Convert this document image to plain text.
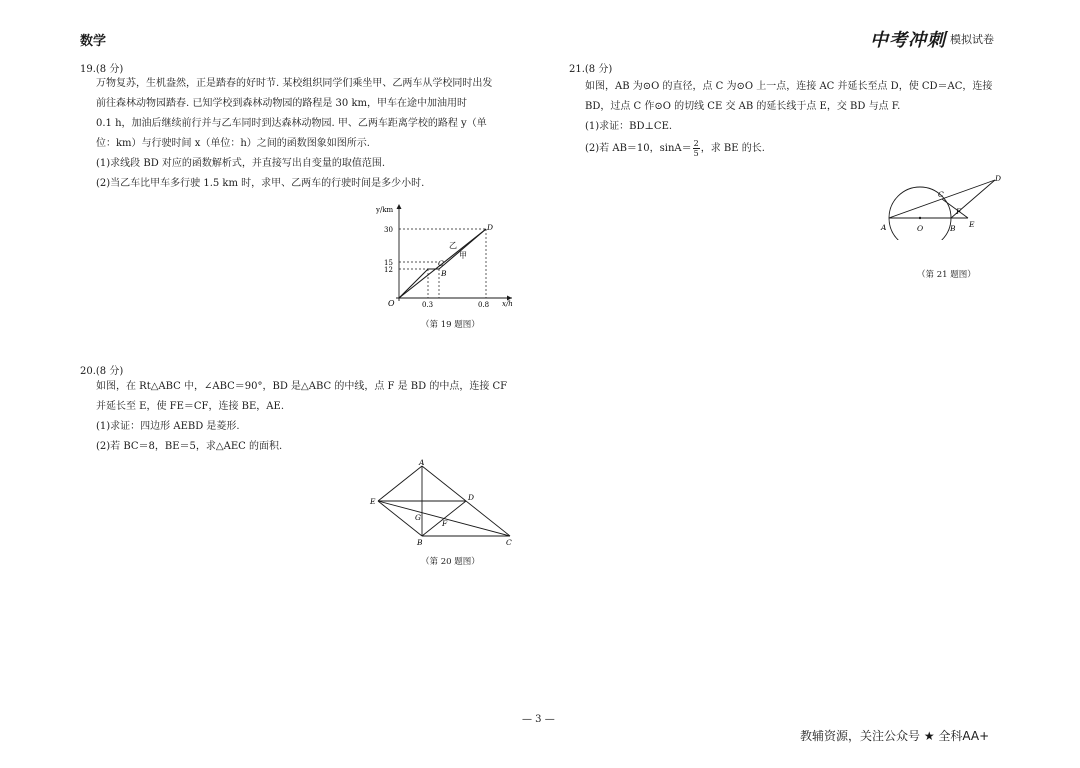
数学	中考冲刺 模拟试卷
19.(8 分)
万物复苏，生机盎然，正是踏春的好时节. 某校组织同学们乘坐甲、乙两车从学校同时出发
前往森林动物园踏春. 已知学校到森林动物园的路程是 30 km，甲车在途中加油用时
0.1 h，加油后继续前行并与乙车同时到达森林动物园. 甲、乙两车距离学校的路程 y（单
位：km）与行驶时间 x（单位：h）之间的函数图象如图所示.
(1)求线段 BD 对应的函数解析式，并直接写出自变量的取值范围.
(2)当乙车比甲车多行驶 1.5 km 时，求甲、乙两车的行驶时间是多少小时.
y/km
x/h
O
30
15
12
0.3	0.8
C
B
D
乙
甲
（第 19 题图）
20.(8 分)
如图，在 Rt△ABC 中，∠ABC＝90°，BD 是△ABC 的中线，点 F 是 BD 的中点，连接 CF
并延长至 E，使 FE＝CF，连接 BE，AE.
(1)求证：四边形 AEBD 是菱形.
(2)若 BC＝8，BE＝5，求△AEC 的面积.
A
B	C
D
E
F
G
（第 20 题图）
21.(8 分)
如图，AB 为⊙O 的直径，点 C 为⊙O 上一点，连接 AC 并延长至点 D，使 CD＝AC，连接
BD，过点 C 作⊙O 的切线 CE 交 AB 的延长线于点 E，交 BD 与点 F.
(1)求证：BD⊥CE.
(2)若 AB＝10，$\sin A= \frac{2}{5}$ ，求 BE 的长.
A	O	B
C
D
F
E
（第 21 题图）
— 3 —
教辅资源，关注公众号 ★ 全科AA+
